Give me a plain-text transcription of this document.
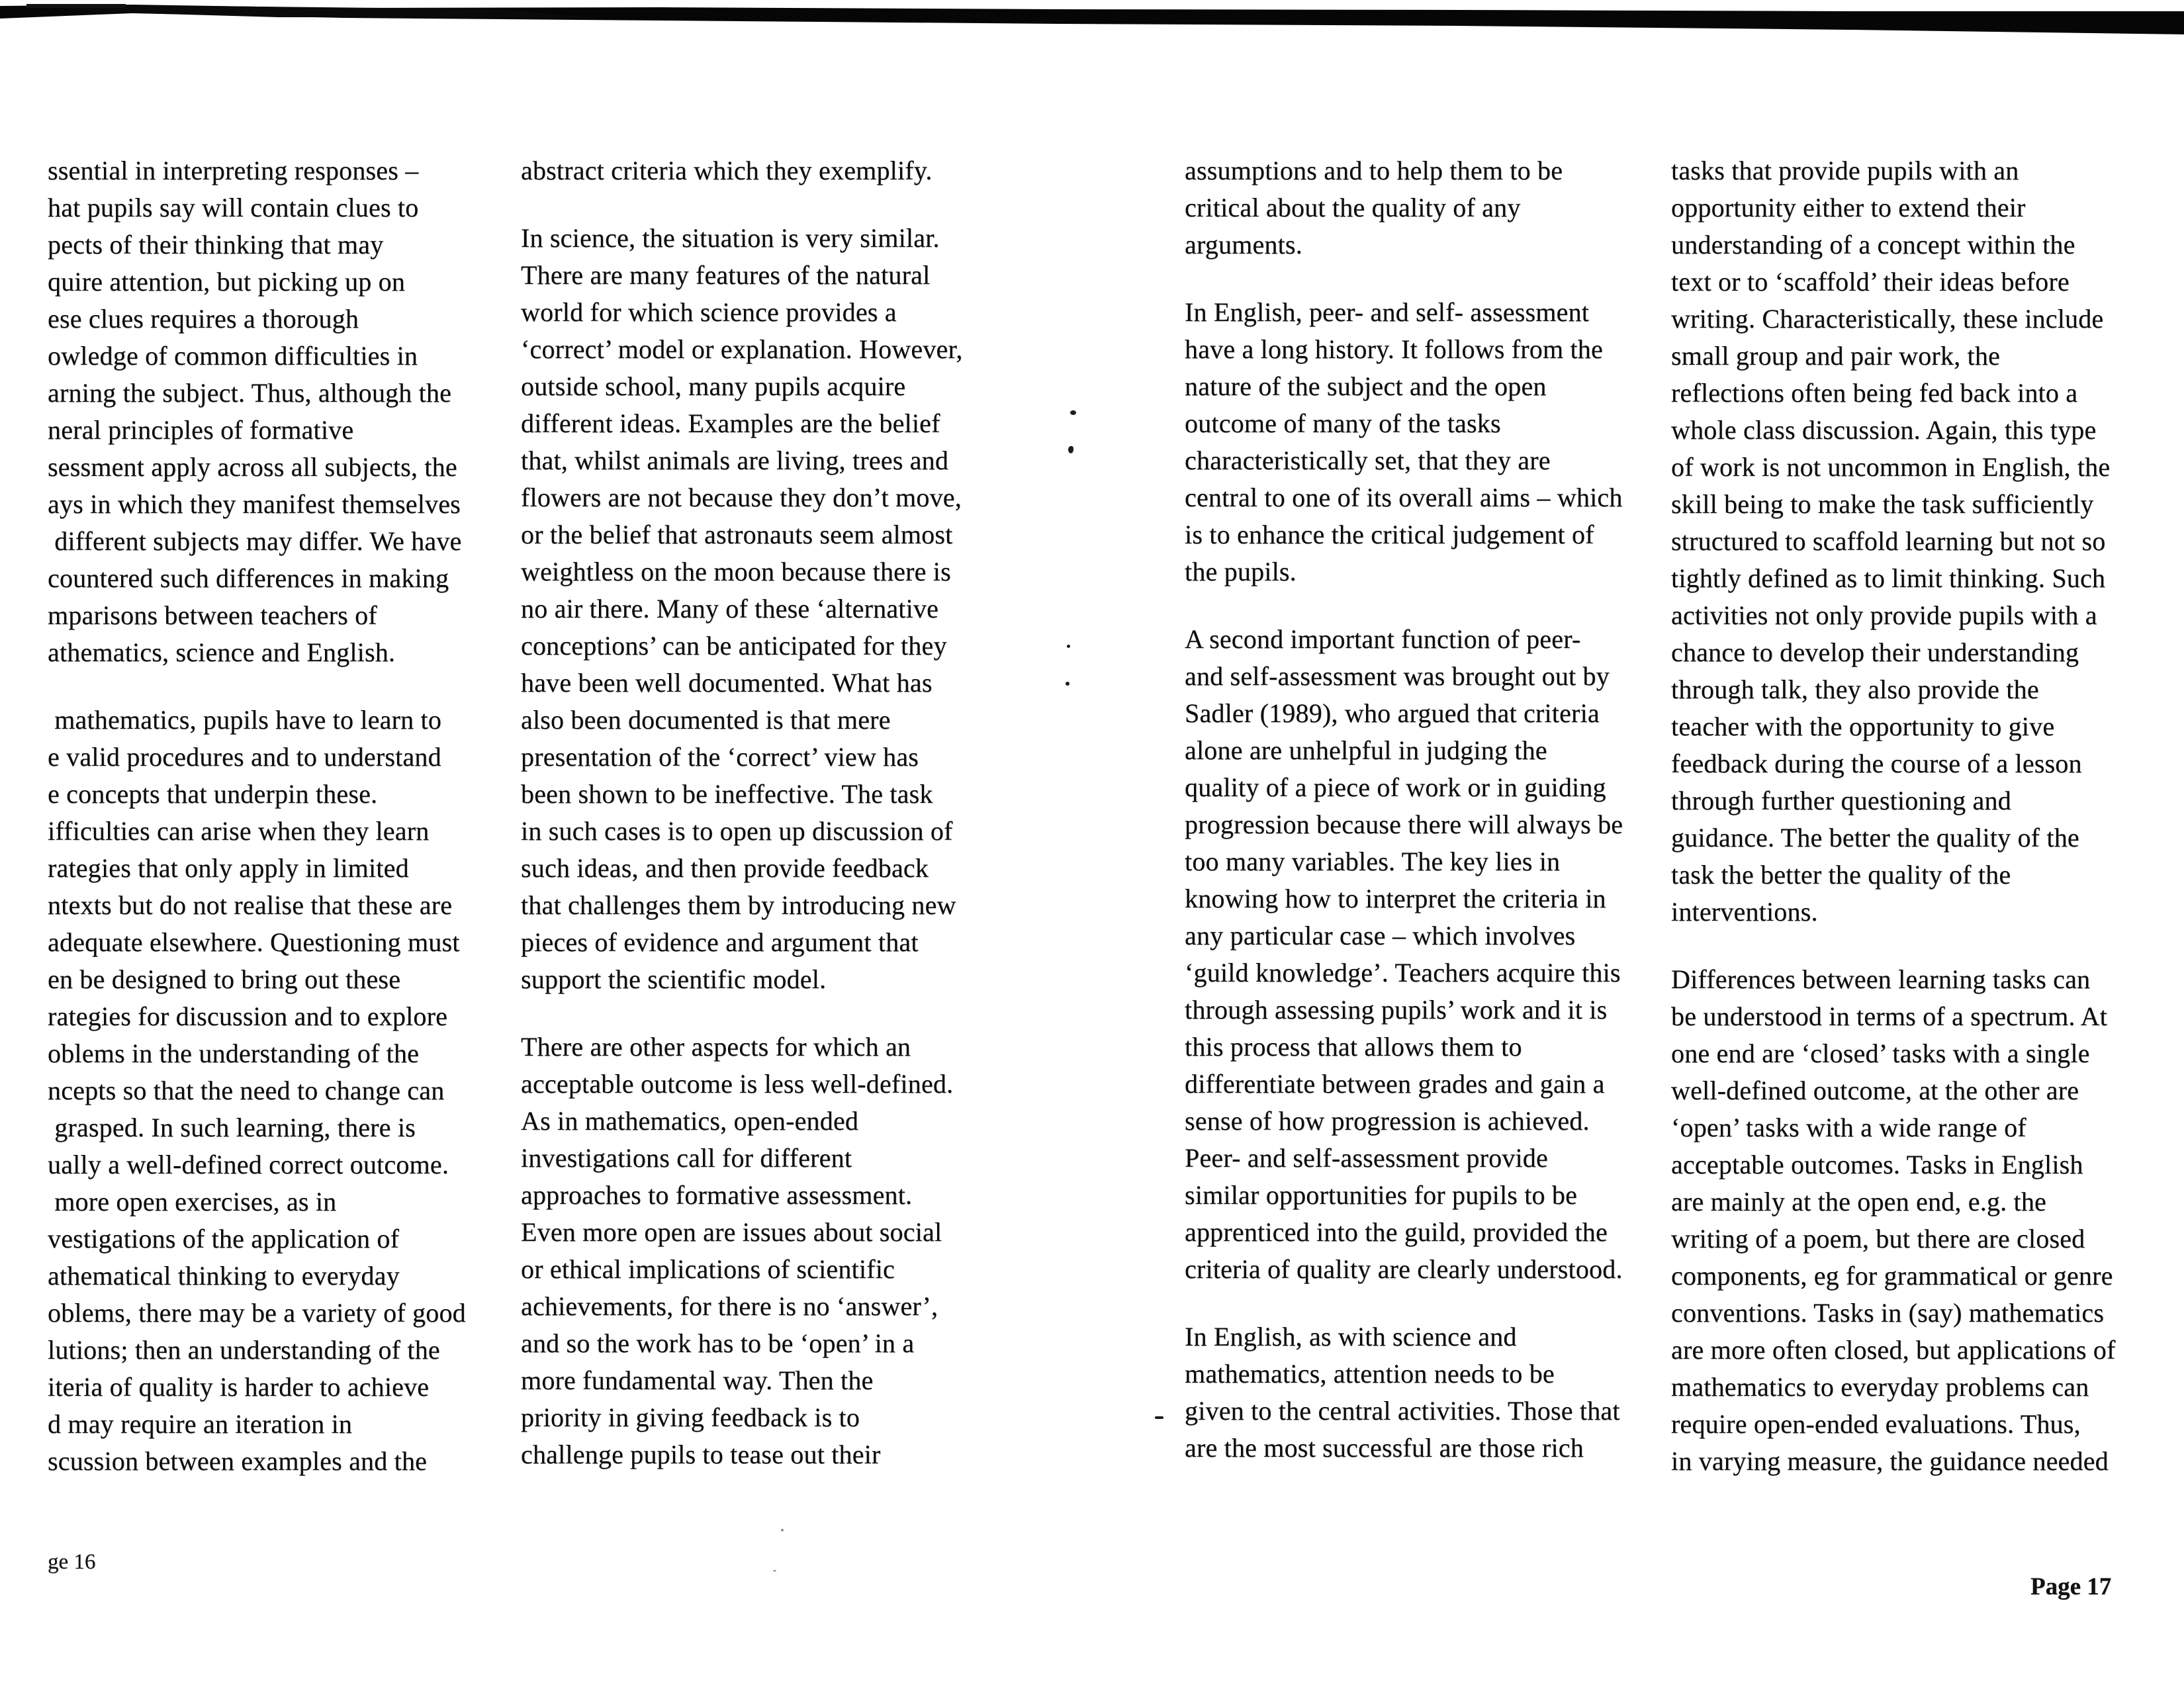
ssential in interpreting responses –
hat pupils say will contain clues to
pects of their thinking that may
quire attention, but picking up on
ese clues requires a thorough
owledge of common difficulties in
arning the subject. Thus, although the
neral principles of formative
sessment apply across all subjects, the
ays in which they manifest themselves
different subjects may differ. We have
countered such differences in making
mparisons between teachers of
athematics, science and English.
mathematics, pupils have to learn to
e valid procedures and to understand
e concepts that underpin these.
ifficulties can arise when they learn
rategies that only apply in limited
ntexts but do not realise that these are
adequate elsewhere. Questioning must
en be designed to bring out these
rategies for discussion and to explore
oblems in the understanding of the
ncepts so that the need to change can
grasped. In such learning, there is
ually a well-defined correct outcome.
more open exercises, as in
vestigations of the application of
athematical thinking to everyday
oblems, there may be a variety of good
lutions; then an understanding of the
iteria of quality is harder to achieve
d may require an iteration in
scussion between examples and the
abstract criteria which they exemplify.
In science, the situation is very similar.
There are many features of the natural
world for which science provides a
‘correct’ model or explanation. However,
outside school, many pupils acquire
different ideas. Examples are the belief
that, whilst animals are living, trees and
flowers are not because they don’t move,
or the belief that astronauts seem almost
weightless on the moon because there is
no air there. Many of these ‘alternative
conceptions’ can be anticipated for they
have been well documented. What has
also been documented is that mere
presentation of the ‘correct’ view has
been shown to be ineffective. The task
in such cases is to open up discussion of
such ideas, and then provide feedback
that challenges them by introducing new
pieces of evidence and argument that
support the scientific model.
There are other aspects for which an
acceptable outcome is less well-defined.
As in mathematics, open-ended
investigations call for different
approaches to formative assessment.
Even more open are issues about social
or ethical implications of scientific
achievements, for there is no ‘answer’,
and so the work has to be ‘open’ in a
more fundamental way. Then the
priority in giving feedback is to
challenge pupils to tease out their
assumptions and to help them to be
critical about the quality of any
arguments.
In English, peer- and self- assessment
have a long history. It follows from the
nature of the subject and the open
outcome of many of the tasks
characteristically set, that they are
central to one of its overall aims – which
is to enhance the critical judgement of
the pupils.
A second important function of peer-
and self-assessment was brought out by
Sadler (1989), who argued that criteria
alone are unhelpful in judging the
quality of a piece of work or in guiding
progression because there will always be
too many variables. The key lies in
knowing how to interpret the criteria in
any particular case – which involves
‘guild knowledge’. Teachers acquire this
through assessing pupils’ work and it is
this process that allows them to
differentiate between grades and gain a
sense of how progression is achieved.
Peer- and self-assessment provide
similar opportunities for pupils to be
apprenticed into the guild, provided the
criteria of quality are clearly understood.
In English, as with science and
mathematics, attention needs to be
given to the central activities. Those that
are the most successful are those rich
tasks that provide pupils with an
opportunity either to extend their
understanding of a concept within the
text or to ‘scaffold’ their ideas before
writing. Characteristically, these include
small group and pair work, the
reflections often being fed back into a
whole class discussion. Again, this type
of work is not uncommon in English, the
skill being to make the task sufficiently
structured to scaffold learning but not so
tightly defined as to limit thinking. Such
activities not only provide pupils with a
chance to develop their understanding
through talk, they also provide the
teacher with the opportunity to give
feedback during the course of a lesson
through further questioning and
guidance. The better the quality of the
task the better the quality of the
interventions.
Differences between learning tasks can
be understood in terms of a spectrum. At
one end are ‘closed’ tasks with a single
well-defined outcome, at the other are
‘open’ tasks with a wide range of
acceptable outcomes. Tasks in English
are mainly at the open end, e.g. the
writing of a poem, but there are closed
components, eg for grammatical or genre
conventions. Tasks in (say) mathematics
are more often closed, but applications of
mathematics to everyday problems can
require open-ended evaluations. Thus,
in varying measure, the guidance needed
ge 16
Page 17
